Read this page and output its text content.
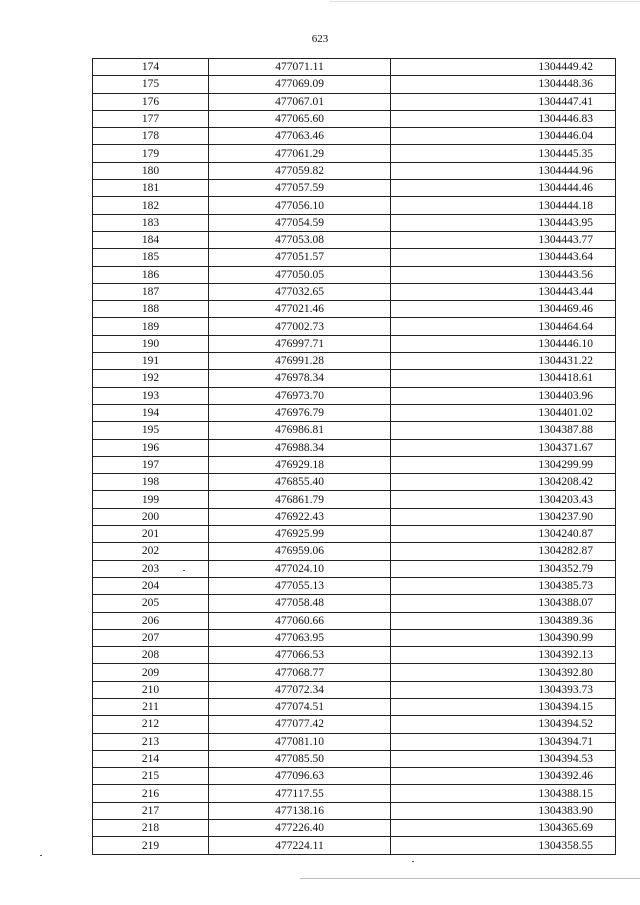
623
174	477071.11	1304449.42
175	477069.09	1304448.36
176	477067.01	1304447.41
177	477065.60	1304446.83
178	477063.46	1304446.04
179	477061.29	1304445.35
180	477059.82	1304444.96
181	477057.59	1304444.46
182	477056.10	1304444.18
183	477054.59	1304443.95
184	477053.08	1304443.77
185	477051.57	1304443.64
186	477050.05	1304443.56
187	477032.65	1304443.44
188	477021.46	1304469.46
189	477002.73	1304464.64
190	476997.71	1304446.10
191	476991.28	1304431.22
192	476978.34	1304418.61
193	476973.70	1304403.96
194	476976.79	1304401.02
195	476986.81	1304387.88
196	476988.34	1304371.67
197	476929.18	1304299.99
198	476855.40	1304208.42
199	476861.79	1304203.43
200	476922.43	1304237.90
201	476925.99	1304240.87
202	476959.06	1304282.87
203	477024.10	1304352.79
204	477055.13	1304385.73
205	477058.48	1304388.07
206	477060.66	1304389.36
207	477063.95	1304390.99
208	477066.53	1304392.13
209	477068.77	1304392.80
210	477072.34	1304393.73
211	477074.51	1304394.15
212	477077.42	1304394.52
213	477081.10	1304394.71
214	477085.50	1304394.53
215	477096.63	1304392.46
216	477117.55	1304388.15
217	477138.16	1304383.90
218	477226.40	1304365.69
219	477224.11	1304358.55
